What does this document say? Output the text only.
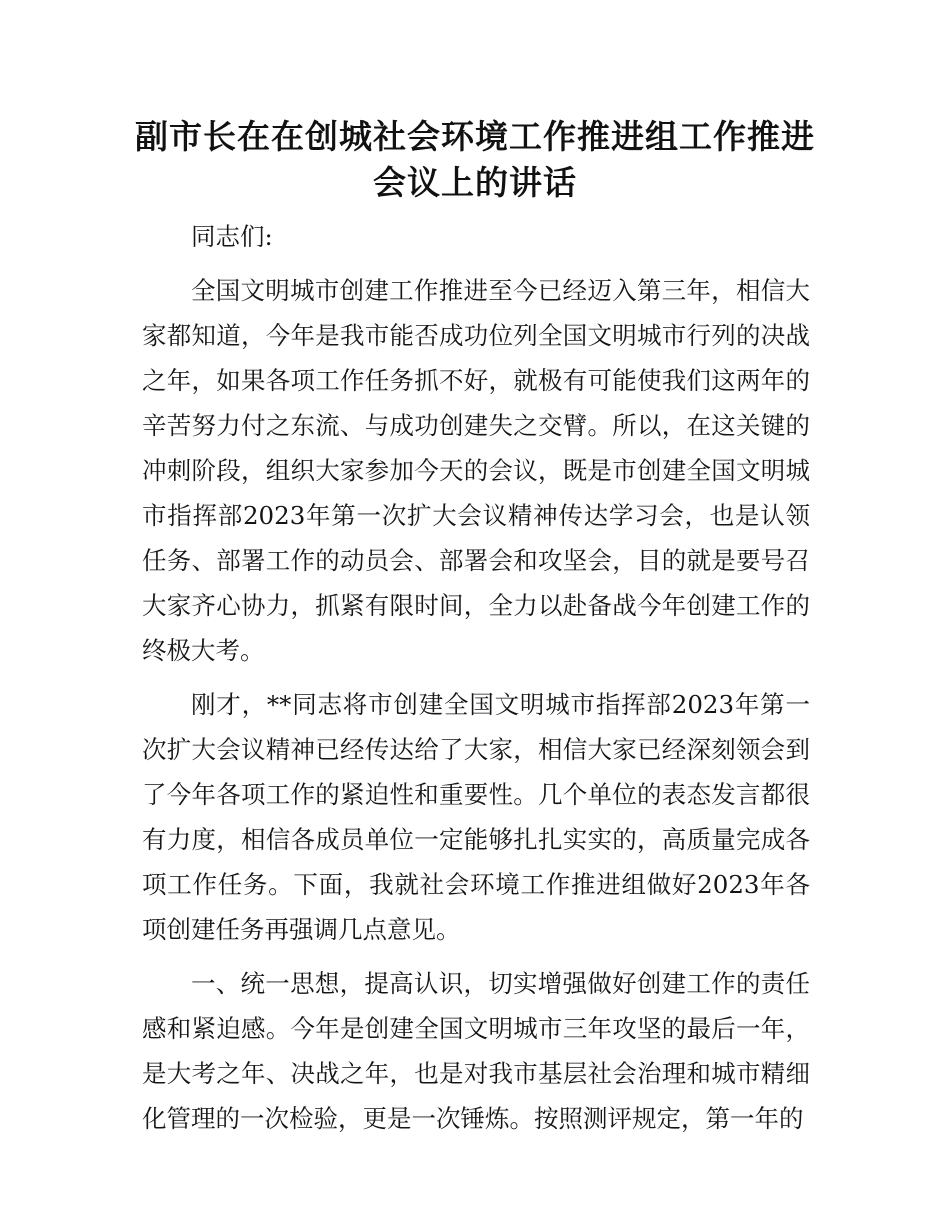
副市长在在创城社会环境工作推进组工作推进会议上的讲话

同志们:

全国文明城市创建工作推进至今已经迈入第三年，相信大家都知道，今年是我市能否成功位列全国文明城市行列的决战之年，如果各项工作任务抓不好，就极有可能使我们这两年的辛苦努力付之东流、与成功创建失之交臂。所以，在这关键的冲刺阶段，组织大家参加今天的会议，既是市创建全国文明城市指挥部2023年第一次扩大会议精神传达学习会，也是认领任务、部署工作的动员会、部署会和攻坚会，目的就是要号召大家齐心协力，抓紧有限时间，全力以赴备战今年创建工作的终极大考。

刚才，**同志将市创建全国文明城市指挥部2023年第一次扩大会议精神已经传达给了大家，相信大家已经深刻领会到了今年各项工作的紧迫性和重要性。几个单位的表态发言都很有力度，相信各成员单位一定能够扎扎实实的，高质量完成各项工作任务。下面，我就社会环境工作推进组做好2023年各项创建任务再强调几点意见。

一、统一思想，提高认识，切实增强做好创建工作的责任感和紧迫感。今年是创建全国文明城市三年攻坚的最后一年，是大考之年、决战之年，也是对我市基层社会治理和城市精细化管理的一次检验，更是一次锤炼。按照测评规定，第一年的
